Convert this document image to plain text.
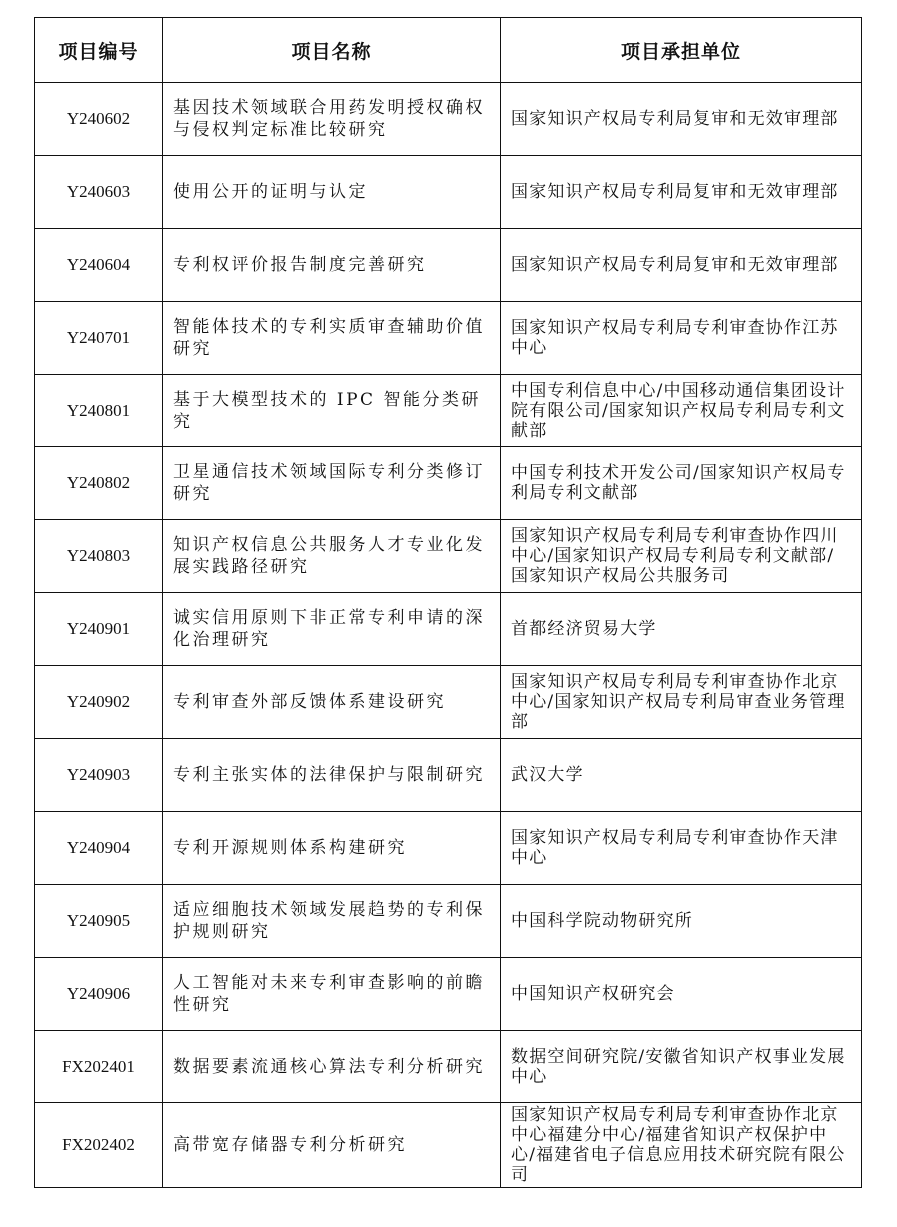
项目编号	项目名称	项目承担单位
Y240602	基因技术领域联合用药发明授权确权与侵权判定标准比较研究	国家知识产权局专利局复审和无效审理部
Y240603	使用公开的证明与认定	国家知识产权局专利局复审和无效审理部
Y240604	专利权评价报告制度完善研究	国家知识产权局专利局复审和无效审理部
Y240701	智能体技术的专利实质审查辅助价值研究	国家知识产权局专利局专利审查协作江苏中心
Y240801	基于大模型技术的 IPC 智能分类研究	中国专利信息中心/中国移动通信集团设计院有限公司/国家知识产权局专利局专利文献部
Y240802	卫星通信技术领域国际专利分类修订研究	中国专利技术开发公司/国家知识产权局专利局专利文献部
Y240803	知识产权信息公共服务人才专业化发展实践路径研究	国家知识产权局专利局专利审查协作四川中心/国家知识产权局专利局专利文献部/国家知识产权局公共服务司
Y240901	诚实信用原则下非正常专利申请的深化治理研究	首都经济贸易大学
Y240902	专利审查外部反馈体系建设研究	国家知识产权局专利局专利审查协作北京中心/国家知识产权局专利局审查业务管理部
Y240903	专利主张实体的法律保护与限制研究	武汉大学
Y240904	专利开源规则体系构建研究	国家知识产权局专利局专利审查协作天津中心
Y240905	适应细胞技术领域发展趋势的专利保护规则研究	中国科学院动物研究所
Y240906	人工智能对未来专利审查影响的前瞻性研究	中国知识产权研究会
FX202401	数据要素流通核心算法专利分析研究	数据空间研究院/安徽省知识产权事业发展中心
FX202402	高带宽存储器专利分析研究	国家知识产权局专利局专利审查协作北京中心福建分中心/福建省知识产权保护中心/福建省电子信息应用技术研究院有限公司
